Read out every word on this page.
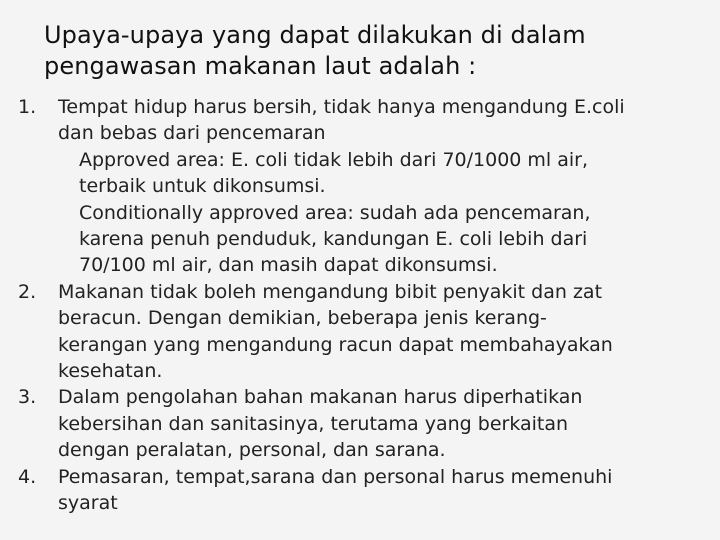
Upaya-upaya yang dapat dilakukan di dalam
pengawasan makanan laut adalah :
1.	Tempat hidup harus bersih, tidak hanya mengandung E.coli
dan bebas dari pencemaran
Approved area: E. coli tidak lebih dari 70/1000 ml air,
terbaik untuk dikonsumsi.
Conditionally approved area: sudah ada pencemaran,
karena penuh penduduk, kandungan E. coli lebih dari
70/100 ml air, dan masih dapat dikonsumsi.
2.	Makanan tidak boleh mengandung bibit penyakit dan zat
beracun. Dengan demikian, beberapa jenis kerang-
kerangan yang mengandung racun dapat membahayakan
kesehatan.
3.	Dalam pengolahan bahan makanan harus diperhatikan
kebersihan dan sanitasinya, terutama yang berkaitan
dengan peralatan, personal, dan sarana.
4.	Pemasaran, tempat,sarana dan personal harus memenuhi
syarat
